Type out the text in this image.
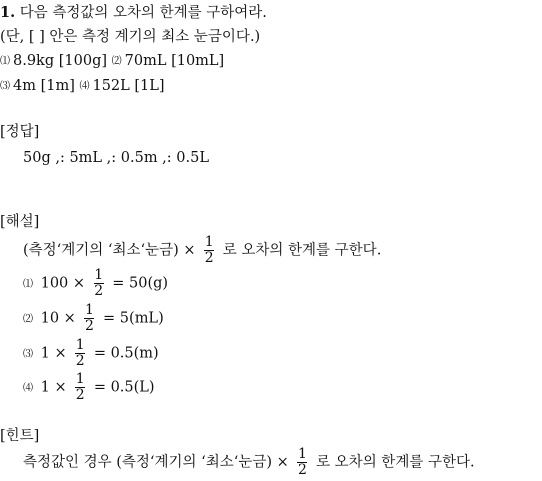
1. 다음 측정값의 오차의 한계를 구하여라.
(단, [ ] 안은 측정 계기의 최소 눈금이다.)
⑴ 8.9kg [100g] ⑵ 70mL [10mL]
⑶ 4m [1m] ⑷ 152L [1L]
[정답]
50g ,: 5mL ,: 0.5m ,: 0.5L
[해설]
(측정‘계기의 ‘최소‘눈금) × $\frac{1}{2}$ 로 오차의 한계를 구한다.
⑴ $100 \times \frac{1}{2} = 50(g)$
⑵ $10 \times \frac{1}{2} = 5(mL)$
⑶ $1 \times \frac{1}{2} = 0.5(m)$
⑷ $1 \times \frac{1}{2} = 0.5(L)$
[힌트]
측정값인 경우 (측정‘계기의 ‘최소‘눈금) × $\frac{1}{2}$ 로 오차의 한계를 구한다.
